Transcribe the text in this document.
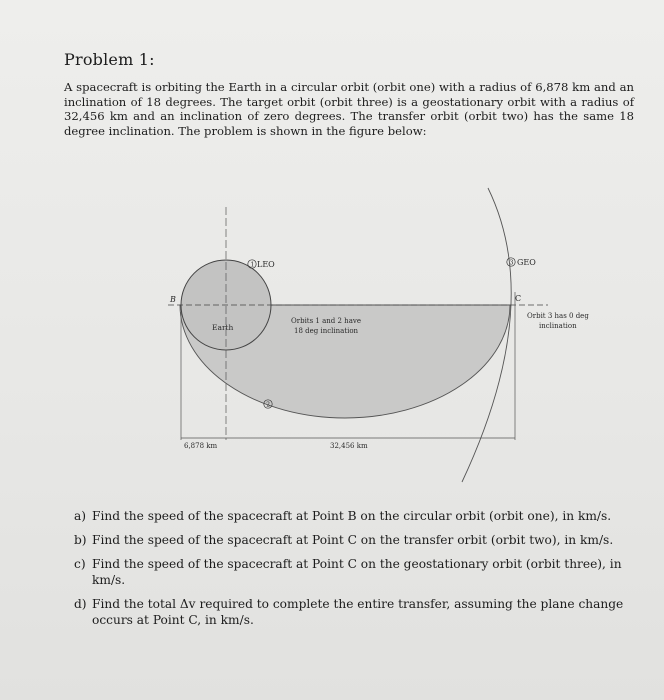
Problem 1:
A spacecraft is orbiting the Earth in a circular orbit (orbit one) with a radius of 6,878 km and an inclination of 18 degrees. The target orbit (orbit three) is a geostationary orbit with a radius of 32,456 km and an inclination of zero degrees. The transfer orbit (orbit two) has the same 18 degree inclination. The problem is shown in the figure below:
1 LEO	3 GEO
2
B	C
Earth
Orbits 1 and 2 have
18 deg inclination
Orbit 3 has 0 deg
inclination
6,878 km	32,456 km
a) Find the speed of the spacecraft at Point B on the circular orbit (orbit one), in km/s.
b) Find the speed of the spacecraft at Point C on the transfer orbit (orbit two), in km/s.
c) Find the speed of the spacecraft at Point C on the geostationary orbit (orbit three), in km/s.
d) Find the total Δv required to complete the entire transfer, assuming the plane change occurs at Point C, in km/s.
